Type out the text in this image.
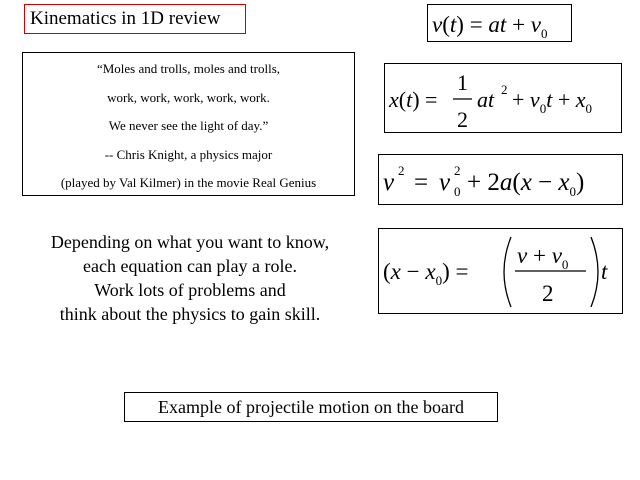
Kinematics in 1D review
“Moles and trolls, moles and trolls,
work, work, work, work, work.
We never see the light of day.”
-- Chris Knight, a physics major
(played by Val Kilmer) in the movie Real Genius
Depending on what you want to know,
each equation can play a role.
Work lots of problems and
think about the physics to gain skill.
Example of projectile motion on the board
v(t) = at + $v_0$
x(t) =
1
2
at $2 + v_0t + x_0$
v 2 = v 2
$0 + 2a(x - x_0)$
$(x - x_0)$ =
$v + v_0$
2
t
